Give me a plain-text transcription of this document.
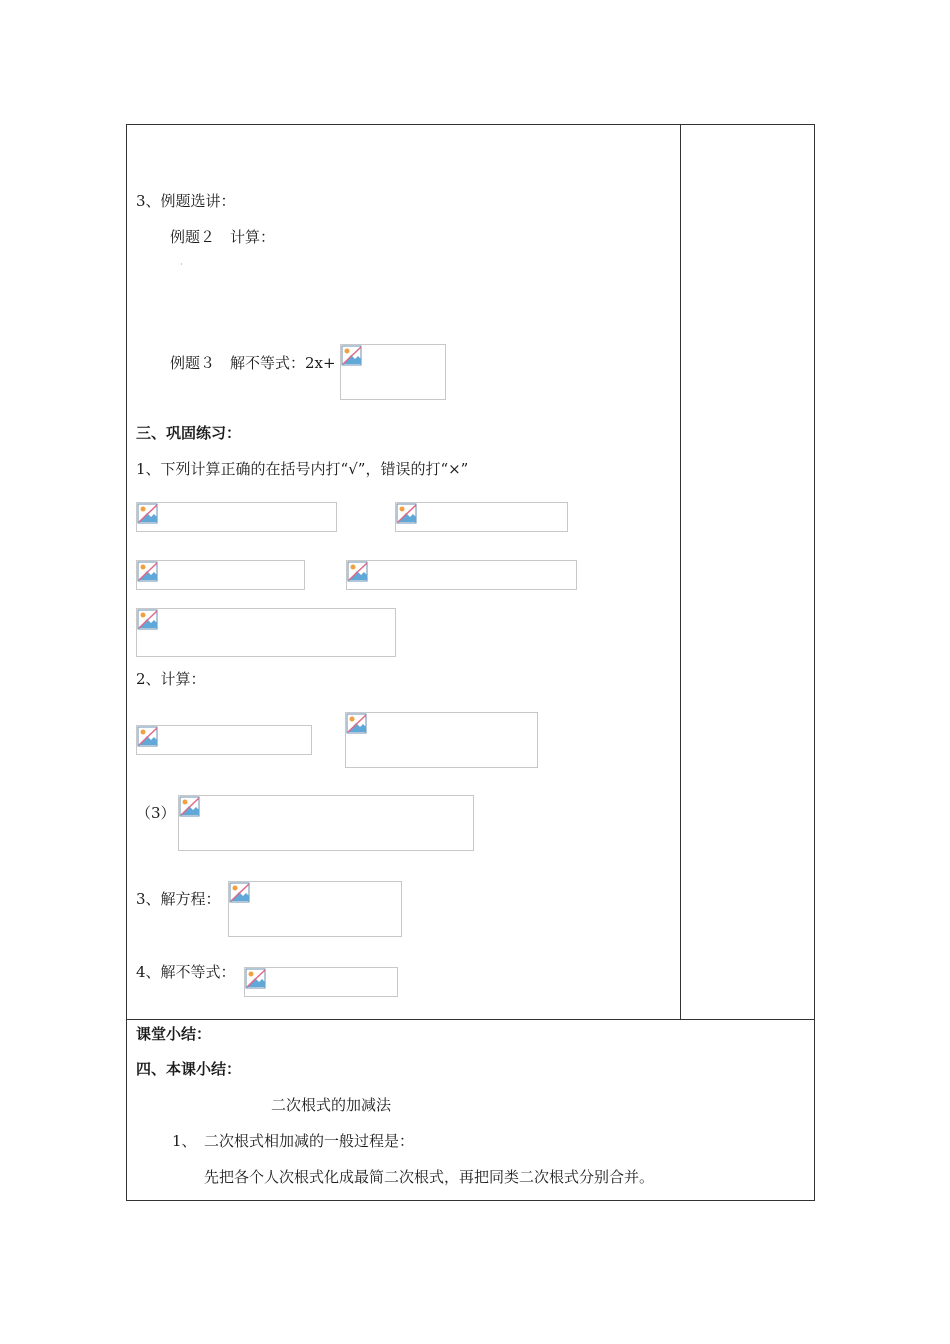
3、例题选讲：
例题２　计算：
例题３　解不等式：2x+
三、巩固练习：
1、下列计算正确的在括号内打“√”，错误的打“×”
2、计算：
（3）
3、解方程：
4、解不等式：
课堂小结：
四、本课小结：
二次根式的加减法
1、 二次根式相加减的一般过程是：
先把各个人次根式化成最简二次根式，再把同类二次根式分别合并。
